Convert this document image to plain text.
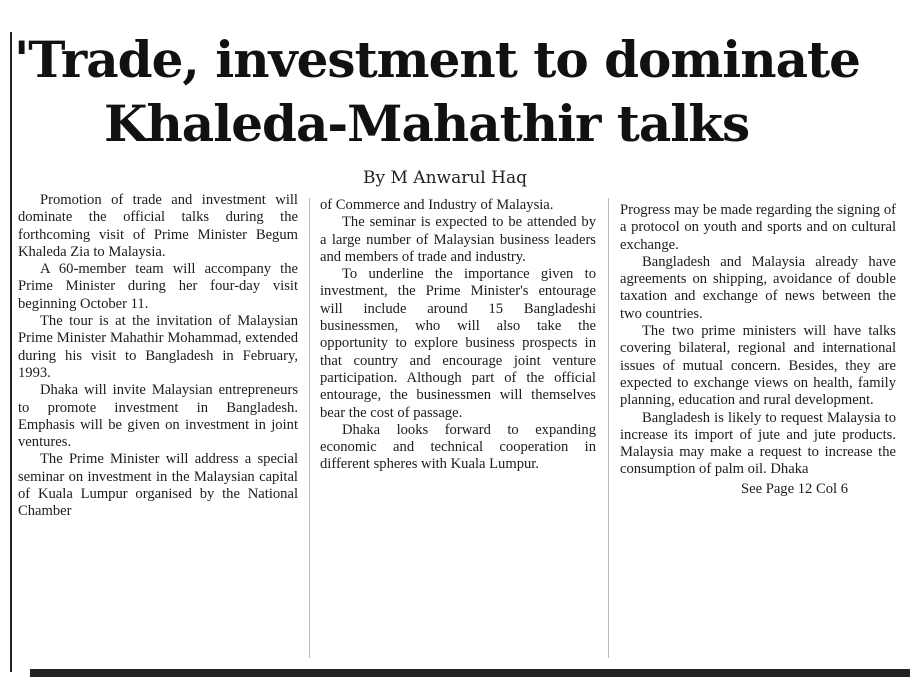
'Trade, investment to dominate
Khaleda-Mahathir talks
By M Anwarul Haq

Promotion of trade and investment will dominate the official talks during the forthcoming visit of Prime Minister Begum Khaleda Zia to Malaysia.

A 60-member team will accompany the Prime Minister during her four-day visit beginning October 11.

The tour is at the invitation of Malaysian Prime Minister Mahathir Mohammad, extended during his visit to Bangladesh in February, 1993.

Dhaka will invite Malaysian entrepreneurs to promote investment in Bangladesh. Emphasis will be given on investment in joint ventures.

The Prime Minister will address a special seminar on investment in the Malaysian capital of Kuala Lumpur organised by the National Chamber

of Commerce and Industry of Malaysia.

The seminar is expected to be attended by a large number of Malaysian business leaders and members of trade and industry.

To underline the importance given to investment, the Prime Minister's entourage will include around 15 Bangladeshi businessmen, who will also take the opportunity to explore business prospects in that country and encourage joint venture participation. Although part of the official entourage, the businessmen will themselves bear the cost of passage.

Dhaka looks forward to expanding economic and technical cooperation in different spheres with Kuala Lumpur.

Progress may be made regarding the signing of a protocol on youth and sports and on cultural exchange.

Bangladesh and Malaysia already have agreements on shipping, avoidance of double taxation and exchange of news between the two countries.

The two prime ministers will have talks covering bilateral, regional and international issues of mutual concern. Besides, they are expected to exchange views on health, family planning, education and rural development.

Bangladesh is likely to request Malaysia to increase its import of jute and jute products. Malaysia may make a request to increase the consumption of palm oil. Dhaka

See Page 12 Col 6
